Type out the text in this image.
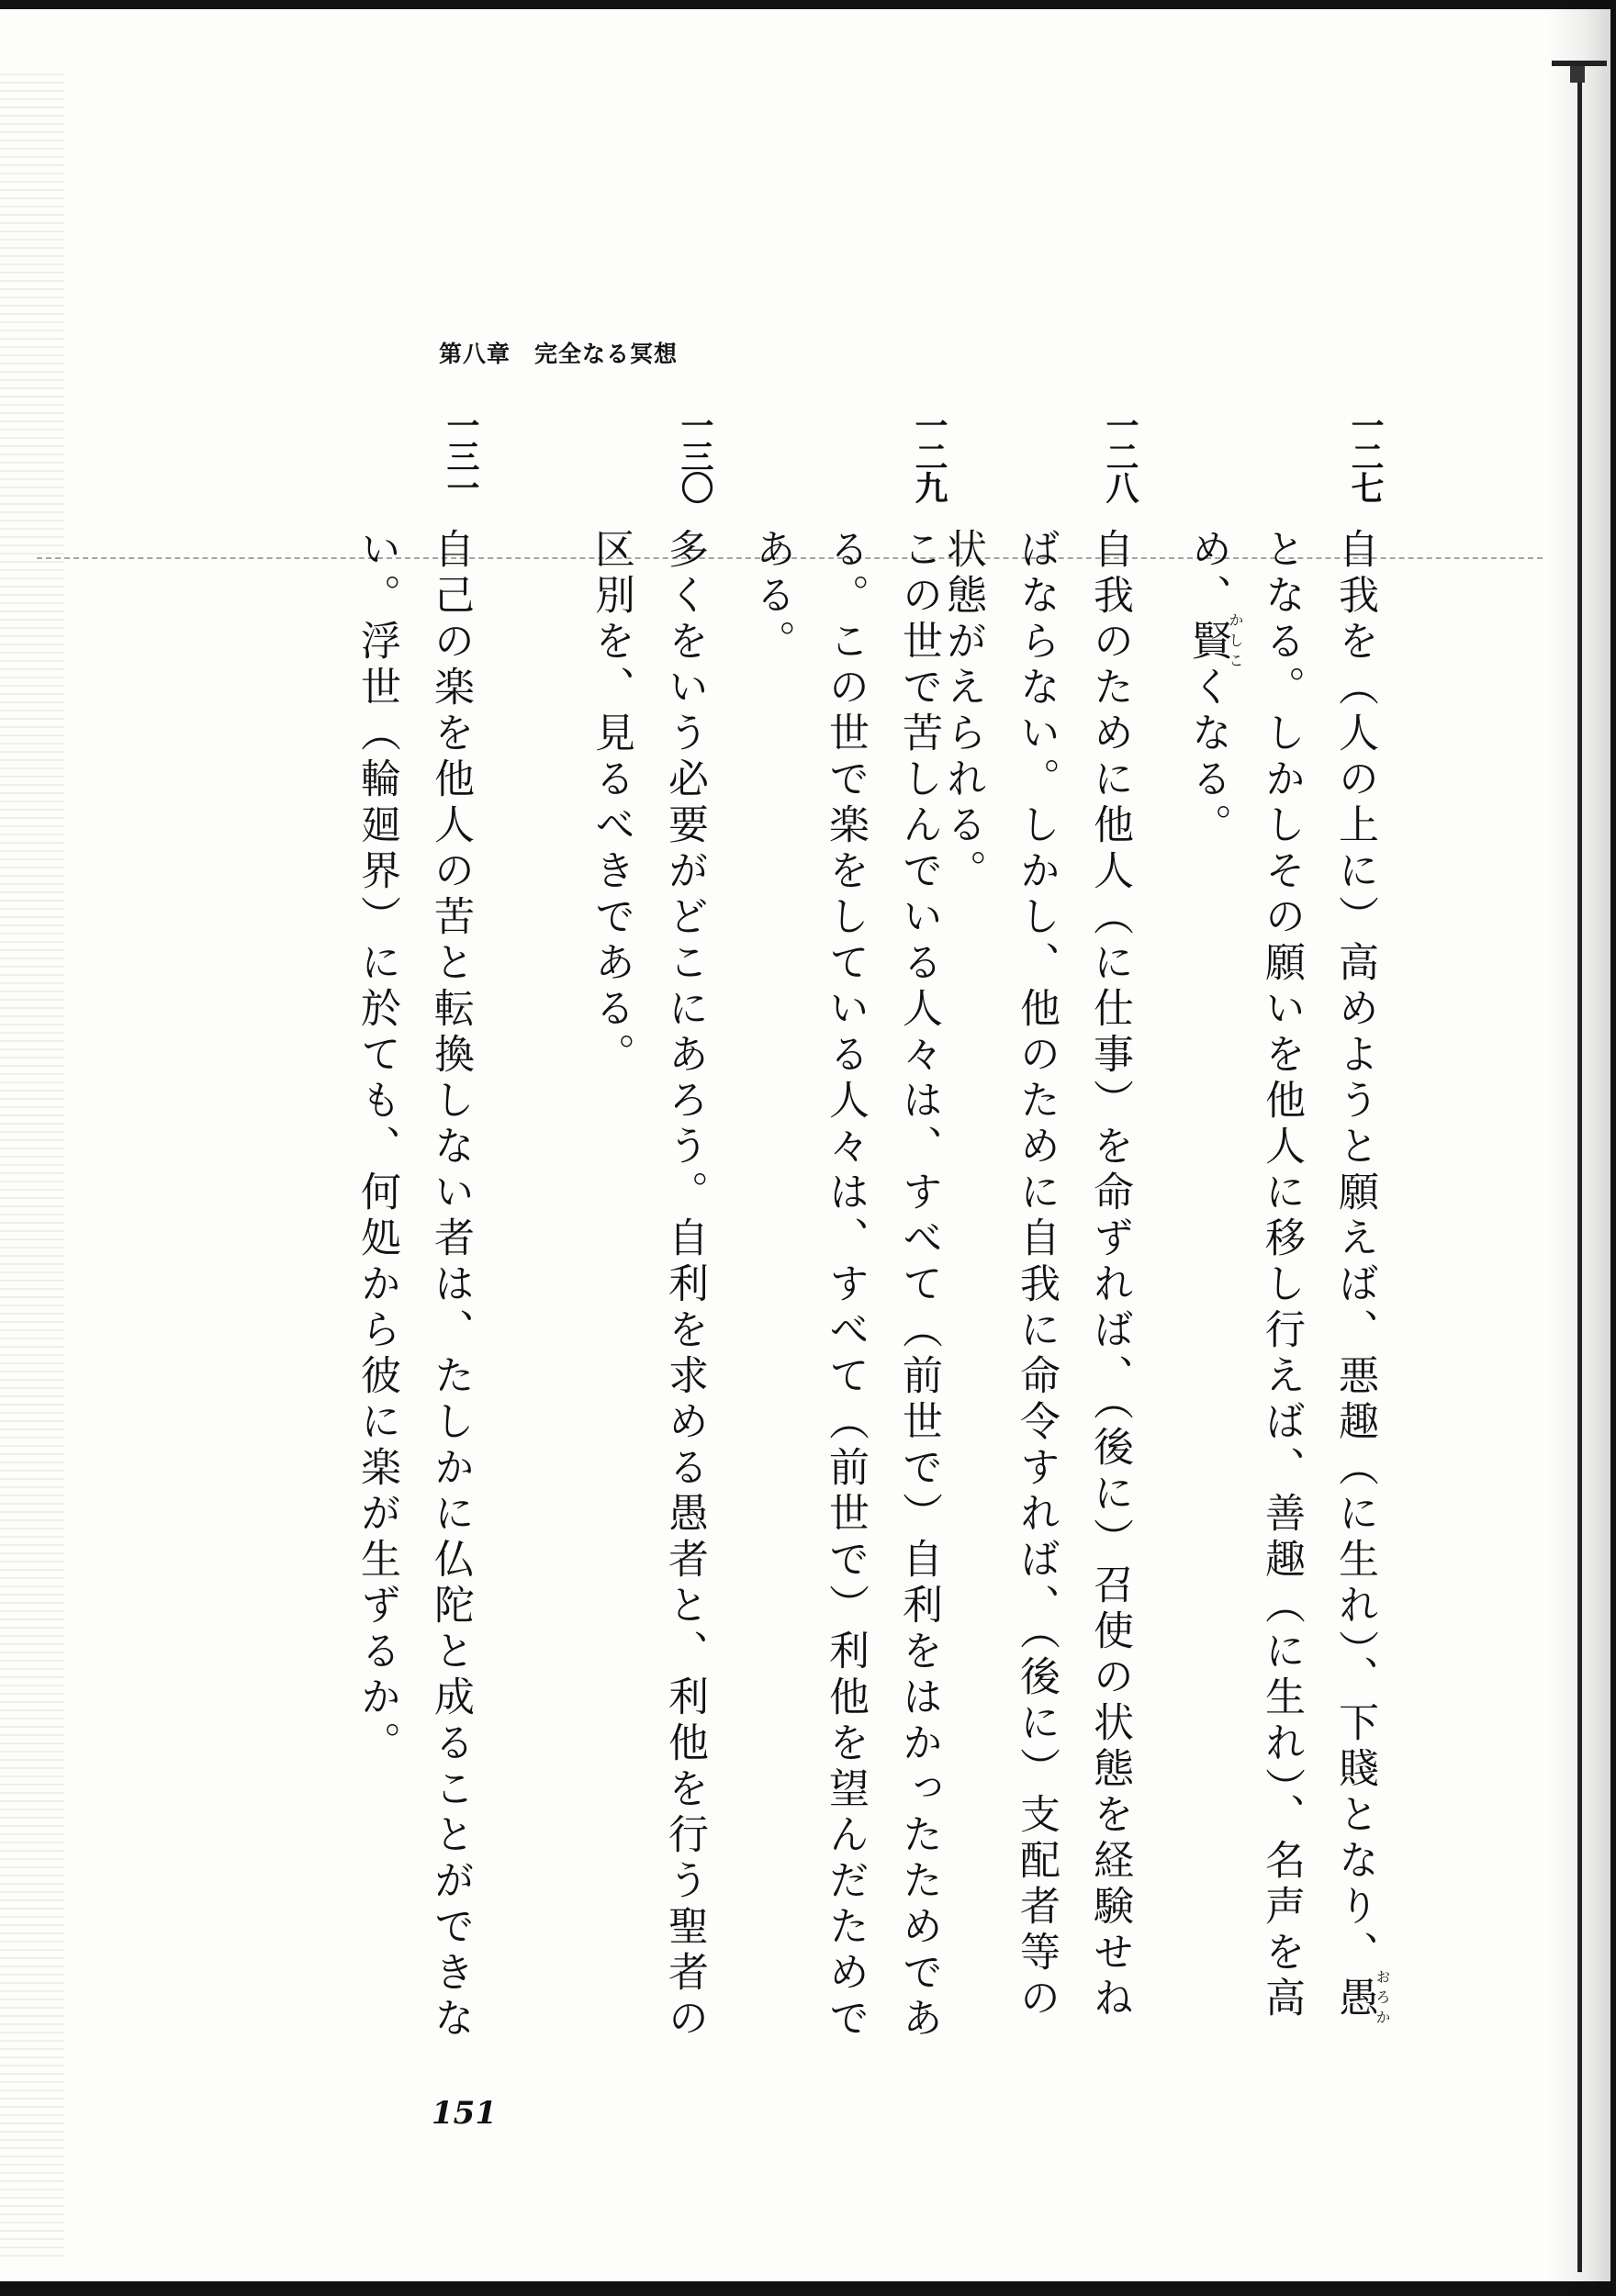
第八章　完全なる冥想
一二七
自我を（人の上に）高めようと願えば、悪趣（に生れ）、下賤となり、愚おろかとなる。しかしその願いを他人に移し行えば、善趣（に生れ）、名声を高め、賢かしこくなる。
一二八
自我のために他人（に仕事）を命ずれば、（後に）召使の状態を経験せねばならない。しかし、他のために自我に命令すれば、（後に）支配者等の状態がえられる。
一二九
この世で苦しんでいる人々は、すべて（前世で）自利をはかったためである。この世で楽をしている人々は、すべて（前世で）利他を望んだためである。
一三〇
多くをいう必要がどこにあろう。自利を求める愚者と、利他を行う聖者の区別を、見るべきである。
一三一
自己の楽を他人の苦と転換しない者は、たしかに仏陀と成ることができない。浮世（輪廻界）に於ても、何処から彼に楽が生ずるか。
151
